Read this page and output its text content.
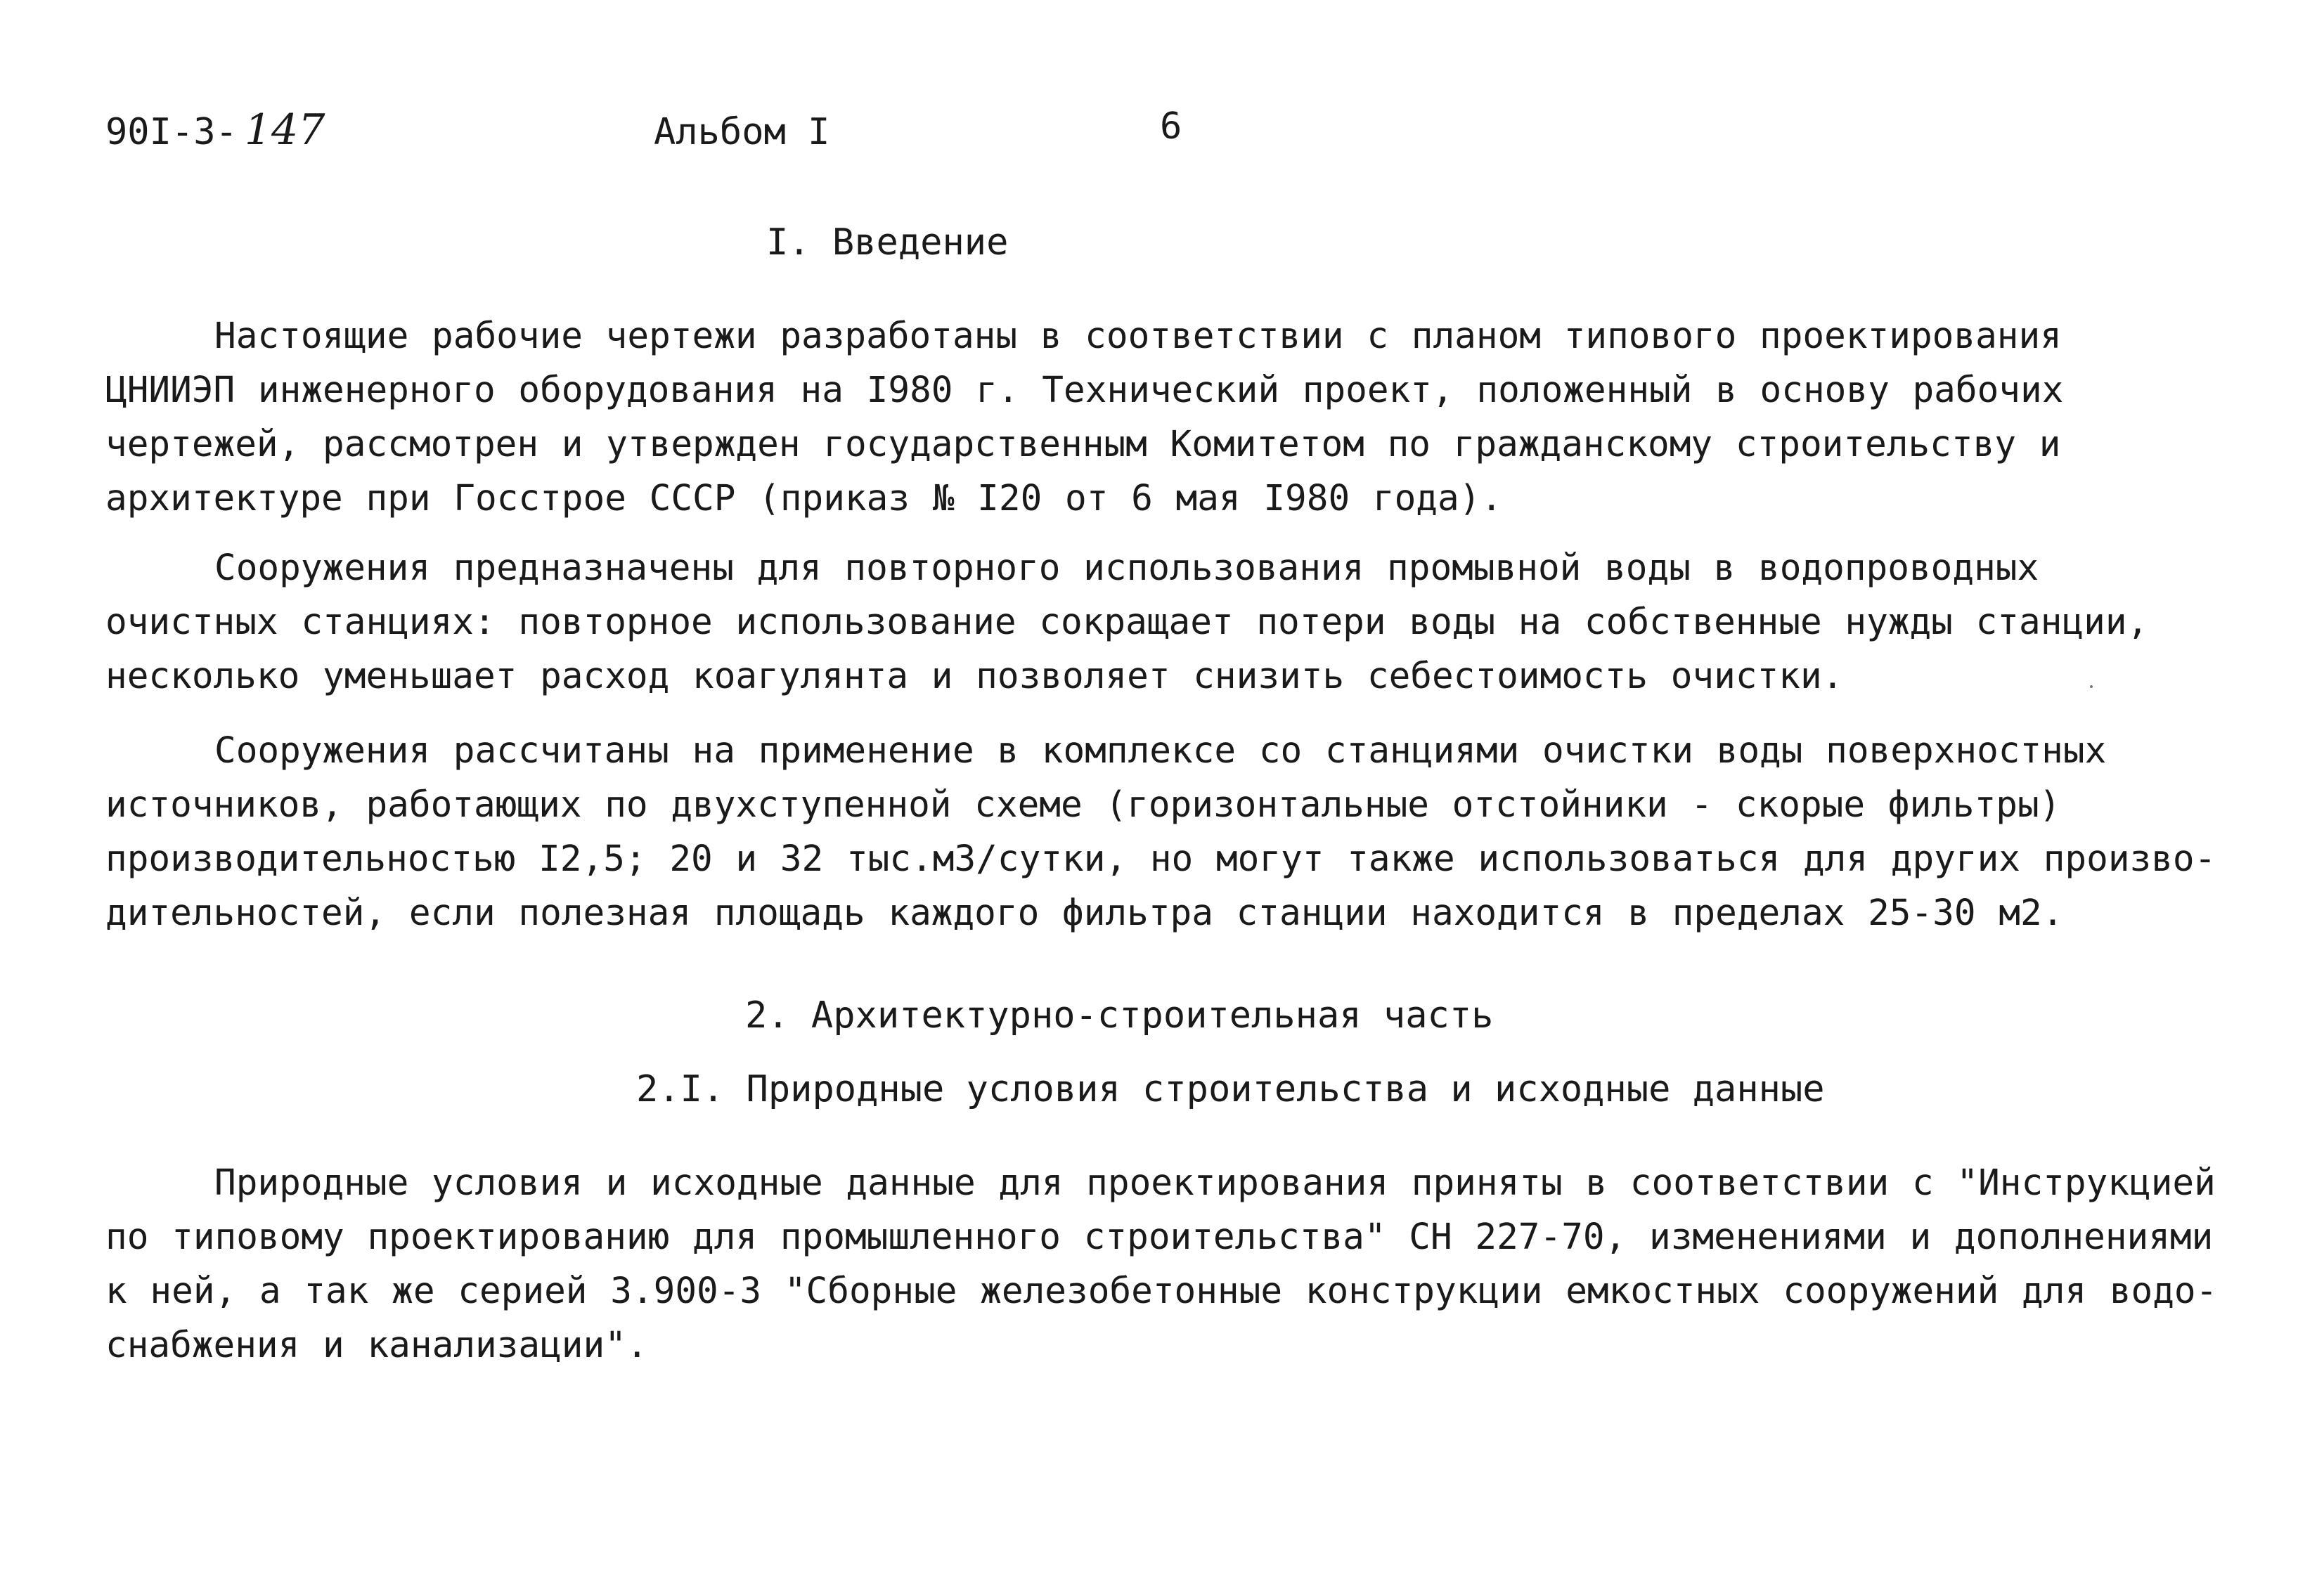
90I-3- 147	Альбом I	6
I. Введение
Настоящие рабочие чертежи разработаны в соответствии с планом типового проектирования
ЦНИИЭП инженерного оборудования на I980 г. Технический проект, положенный в основу рабочих
чертежей, рассмотрен и утвержден государственным Комитетом по гражданскому строительству и
архитектуре при Госстрое СССР (приказ № I20 от 6 мая I980 года).
Сооружения предназначены для повторного использования промывной воды в водопроводных
очистных станциях: повторное использование сокращает потери воды на собственные нужды станции,
несколько уменьшает расход коагулянта и позволяет снизить себестоимость очистки.
Сооружения рассчитаны на применение в комплексе со станциями очистки воды поверхностных
источников, работающих по двухступенной схеме (горизонтальные отстойники - скорые фильтры)
производительностью I2,5; 20 и 32 тыс.м3/сутки, но могут также использоваться для других произво-
дительностей, если полезная площадь каждого фильтра станции находится в пределах 25-30 м2.
2. Архитектурно-строительная часть
2.I. Природные условия строительства и исходные данные
Природные условия и исходные данные для проектирования приняты в соответствии с "Инструкцией
по типовому проектированию для промышленного строительства" СН 227-70, изменениями и дополнениями
к ней, а так же серией 3.900-3 "Сборные железобетонные конструкции емкостных сооружений для водо-
снабжения и канализации".
